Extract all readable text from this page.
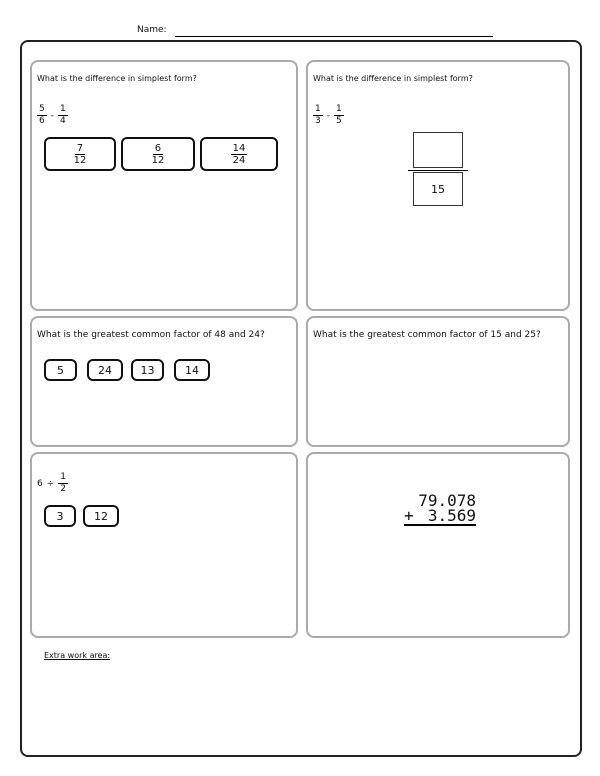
Name:
What is the difference in simplest form?
$\frac{5}{6} - \frac{1}{4}$
$\frac{7}{12}$	$\frac{6}{12}$	$\frac{14}{24}$
What is the difference in simplest form?
$\frac{1}{3} - \frac{1}{5}$
15
What is the greatest common factor of 48 and 24?
5	24	13	14
What is the greatest common factor of 15 and 25?
$6 \div \frac{1}{2}$
3	12
79.078
+ 3.569
Extra work area:
